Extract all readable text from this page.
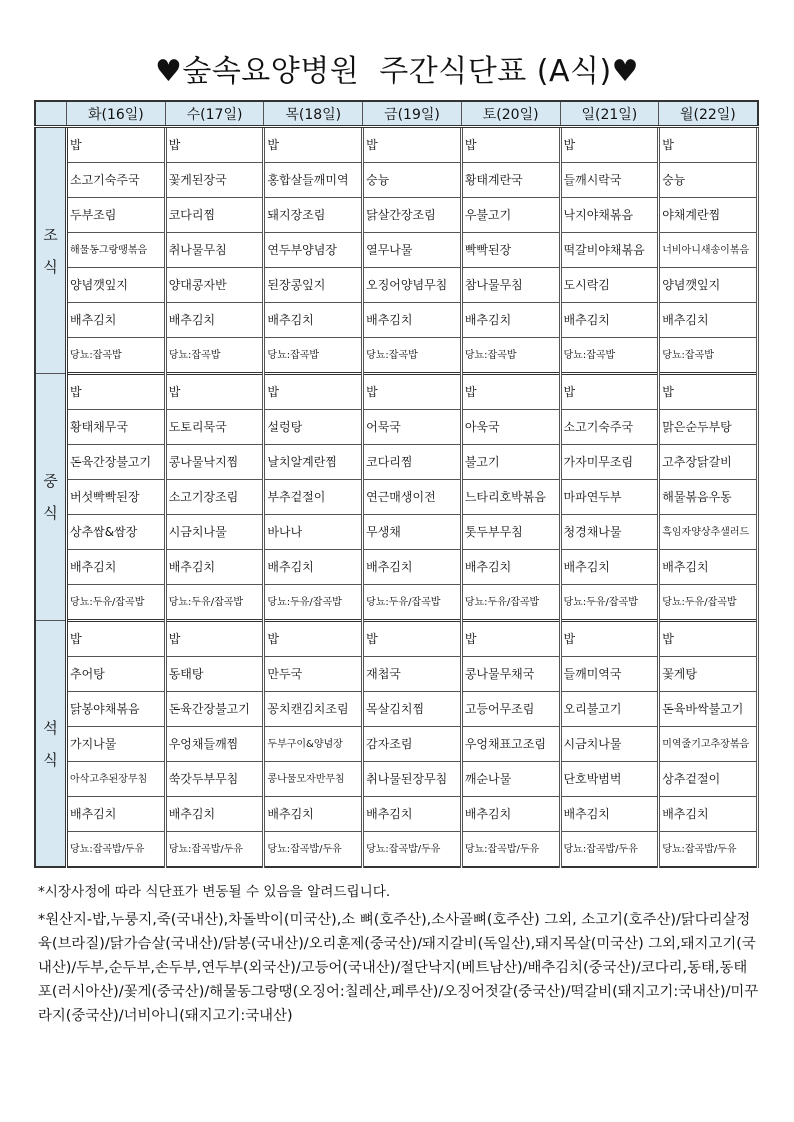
♥숲속요양병원  주간식단표 (A식)♥
	화(16일)	수(17일)	목(18일)	금(19일)	토(20일)	일(21일)	월(22일)

조식	밥	밥	밥	밥	밥	밥	밥
	소고기숙주국	꽃게된장국	홍합살들깨미역	숭늉	황태계란국	들깨시락국	숭늉
	두부조림	코다리찜	돼지장조림	닭살간장조림	우불고기	낙지야채볶음	야채계란찜
	해물동그랑땡볶음	취나물무침	연두부양념장	열무나물	빡빡된장	떡갈비야채볶음	너비아니새송이볶음
	양념깻잎지	양대콩자반	된장콩잎지	오징어양념무침	참나물무침	도시락김	양념깻잎지
	배추김치	배추김치	배추김치	배추김치	배추김치	배추김치	배추김치
	당뇨:잡곡밥	당뇨:잡곡밥	당뇨:잡곡밥	당뇨:잡곡밥	당뇨:잡곡밥	당뇨:잡곡밥	당뇨:잡곡밥

중식	밥	밥	밥	밥	밥	밥	밥
	황태채무국	도토리묵국	설렁탕	어묵국	아욱국	소고기숙주국	맑은순두부탕
	돈육간장불고기	콩나물낙지찜	날치알계란찜	코다리찜	불고기	가자미무조림	고추장닭갈비
	버섯빡빡된장	소고기장조림	부추겉절이	연근매생이전	느타리호박볶음	마파연두부	해물볶음우동
	상추쌈&쌈장	시금치나물	바나나	무생채	톳두부무침	청경채나물	흑임자양상추샐러드
	배추김치	배추김치	배추김치	배추김치	배추김치	배추김치	배추김치
	당뇨:두유/잡곡밥	당뇨:두유/잡곡밥	당뇨:두유/잡곡밥	당뇨:두유/잡곡밥	당뇨:두유/잡곡밥	당뇨:두유/잡곡밥	당뇨:두유/잡곡밥

석식	밥	밥	밥	밥	밥	밥	밥
	추어탕	동태탕	만두국	재첩국	콩나물무채국	들깨미역국	꽃게탕
	닭봉야채볶음	돈육간장불고기	꽁치캔김치조림	목살김치찜	고등어무조림	오리불고기	돈육바싹불고기
	가지나물	우엉채들깨찜	두부구이&양념장	감자조림	우엉채표고조림	시금치나물	미역줄기고추장볶음
	아삭고추된장무침	쑥갓두부무침	콩나물모자반무침	취나물된장무침	깨순나물	단호박범벅	상추겉절이
	배추김치	배추김치	배추김치	배추김치	배추김치	배추김치	배추김치
	당뇨:잡곡밥/두유	당뇨:잡곡밥/두유	당뇨:잡곡밥/두유	당뇨:잡곡밥/두유	당뇨:잡곡밥/두유	당뇨:잡곡밥/두유	당뇨:잡곡밥/두유

*시장사정에 따라 식단표가 변동될 수 있음을 알려드립니다.

*원산지-밥,누룽지,죽(국내산),차돌박이(미국산),소 뼈(호주산),소사골뼈(호주산) 그외, 소고기(호주산)/닭다리살정육(브라질)/닭가슴살(국내산)/닭봉(국내산)/오리훈제(중국산)/돼지갈비(독일산),돼지목살(미국산) 그외,돼지고기(국내산)/두부,순두부,손두부,연두부(외국산)/고등어(국내산)/절단낙지(베트남산)/배추김치(중국산)/코다리,동태,동태포(러시아산)/꽃게(중국산)/해물동그랑땡(오징어:칠레산,페루산)/오징어젓갈(중국산)/떡갈비(돼지고기:국내산)/미꾸라지(중국산)/너비아니(돼지고기:국내산)
